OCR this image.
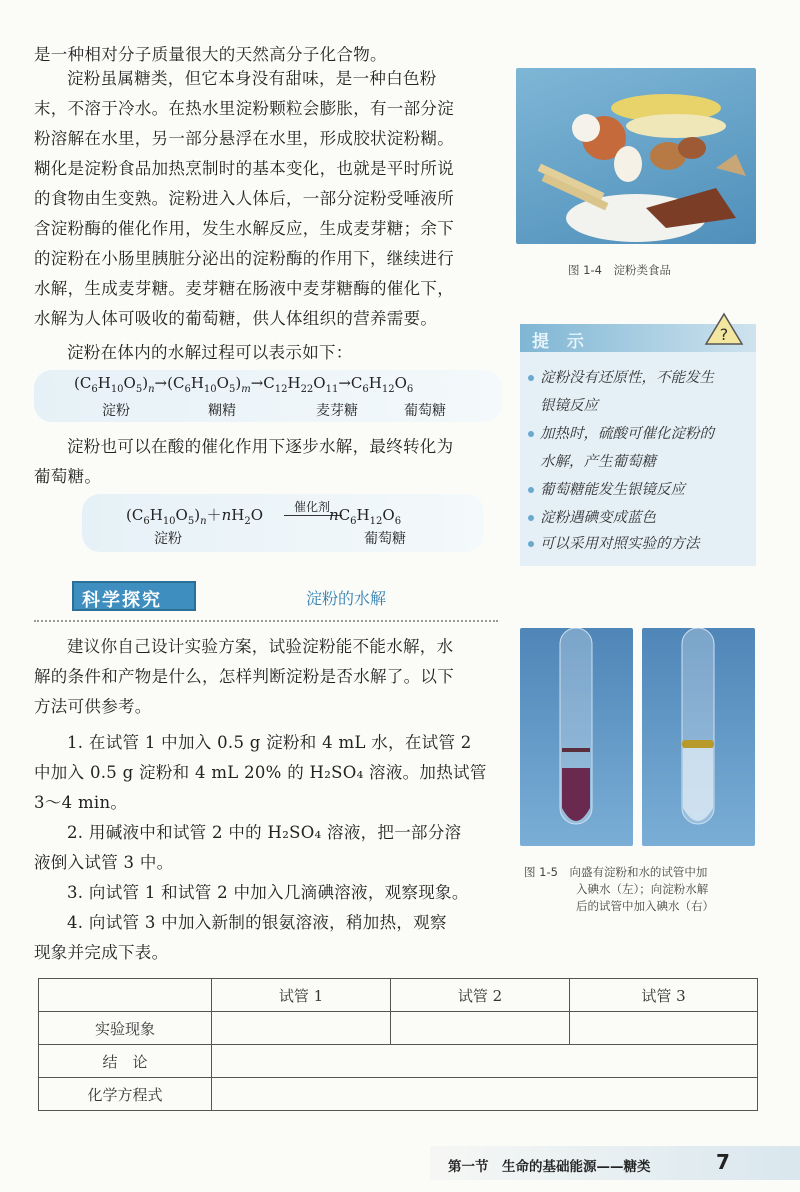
是一种相对分子质量很大的天然高分子化合物。
淀粉虽属糖类，但它本身没有甜味，是一种白色粉
末，不溶于冷水。在热水里淀粉颗粒会膨胀，有一部分淀
粉溶解在水里，另一部分悬浮在水里，形成胶状淀粉糊。
糊化是淀粉食品加热烹制时的基本变化，也就是平时所说
的食物由生变熟。淀粉进入人体后，一部分淀粉受唾液所
含淀粉酶的催化作用，发生水解反应，生成麦芽糖；余下
的淀粉在小肠里胰脏分泌出的淀粉酶的作用下，继续进行
水解，生成麦芽糖。麦芽糖在肠液中麦芽糖酶的催化下，
水解为人体可吸收的葡萄糖，供人体组织的营养需要。
淀粉在体内的水解过程可以表示如下：
$(C_6H_{10}O_5)_n\to(C_6H_{10}O_5)_m\to C_{12}H_{22}O_{11}\to C_6H_{12}O_6$
淀粉	糊精	麦芽糖	葡萄糖
淀粉也可以在酸的催化作用下逐步水解，最终转化为
葡萄糖。
催化剂
$(C_6H_{10}O_5)_n+nH_2O$	$nC_6H_{12}O_6$
淀粉	葡萄糖
图 1-4　淀粉类食品
提 示	?
淀粉没有还原性，不能发生
银镜反应
加热时，硫酸可催化淀粉的
水解，产生葡萄糖
葡萄糖能发生银镜反应
淀粉遇碘变成蓝色
可以采用对照实验的方法
科学探究	淀粉的水解
建议你自己设计实验方案，试验淀粉能不能水解，水
解的条件和产物是什么，怎样判断淀粉是否水解了。以下
方法可供参考。
1. 在试管 1 中加入 0.5 g 淀粉和 4 mL 水，在试管 2
中加入 0.5 g 淀粉和 4 mL 20% 的 H₂SO₄ 溶液。加热试管
3～4 min。
2. 用碱液中和试管 2 中的 H₂SO₄ 溶液，把一部分溶
液倒入试管 3 中。
3. 向试管 1 和试管 2 中加入几滴碘溶液，观察现象。
4. 向试管 3 中加入新制的银氨溶液，稍加热，观察
现象并完成下表。
图 1-5　向盛有淀粉和水的试管中加
入碘水（左）；向淀粉水解
后的试管中加入碘水（右）
	试管 1	试管 2	试管 3
实验现象			
结　论			
化学方程式			
第一节　生命的基础能源——糖类	7
